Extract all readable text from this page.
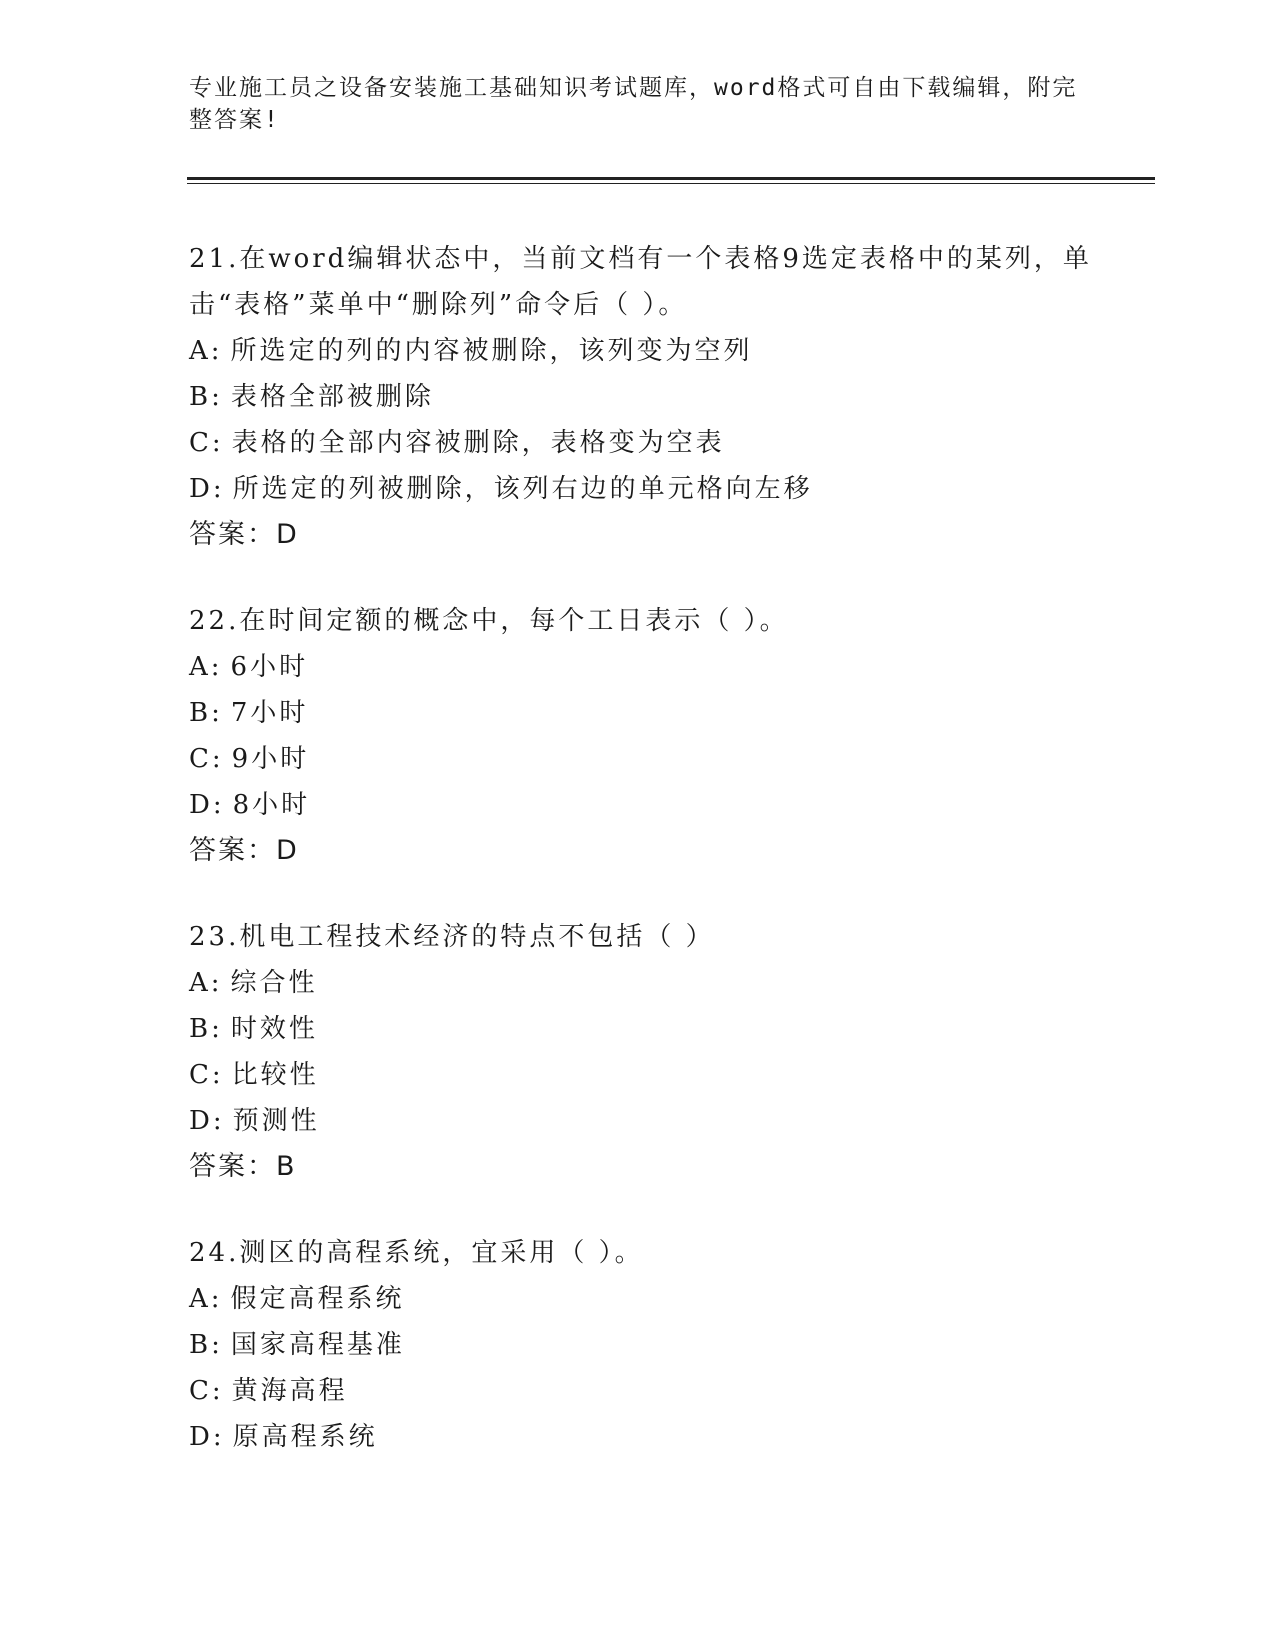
专业施工员之设备安装施工基础知识考试题库，word格式可自由下载编辑，附完整答案!
21.在word编辑状态中，当前文档有一个表格9选定表格中的某列，单击“表格”菜单中“删除列”命令后（ ）。
A: 所选定的列的内容被删除，该列变为空列
B: 表格全部被删除
C: 表格的全部内容被删除，表格变为空表
D: 所选定的列被删除，该列右边的单元格向左移
答案：D
22.在时间定额的概念中，每个工日表示（ ）。
A: 6小时
B: 7小时
C: 9小时
D: 8小时
答案：D
23.机电工程技术经济的特点不包括（ ）
A: 综合性
B: 时效性
C: 比较性
D: 预测性
答案：B
24.测区的高程系统，宜采用（ ）。
A: 假定高程系统
B: 国家高程基准
C: 黄海高程
D: 原高程系统
